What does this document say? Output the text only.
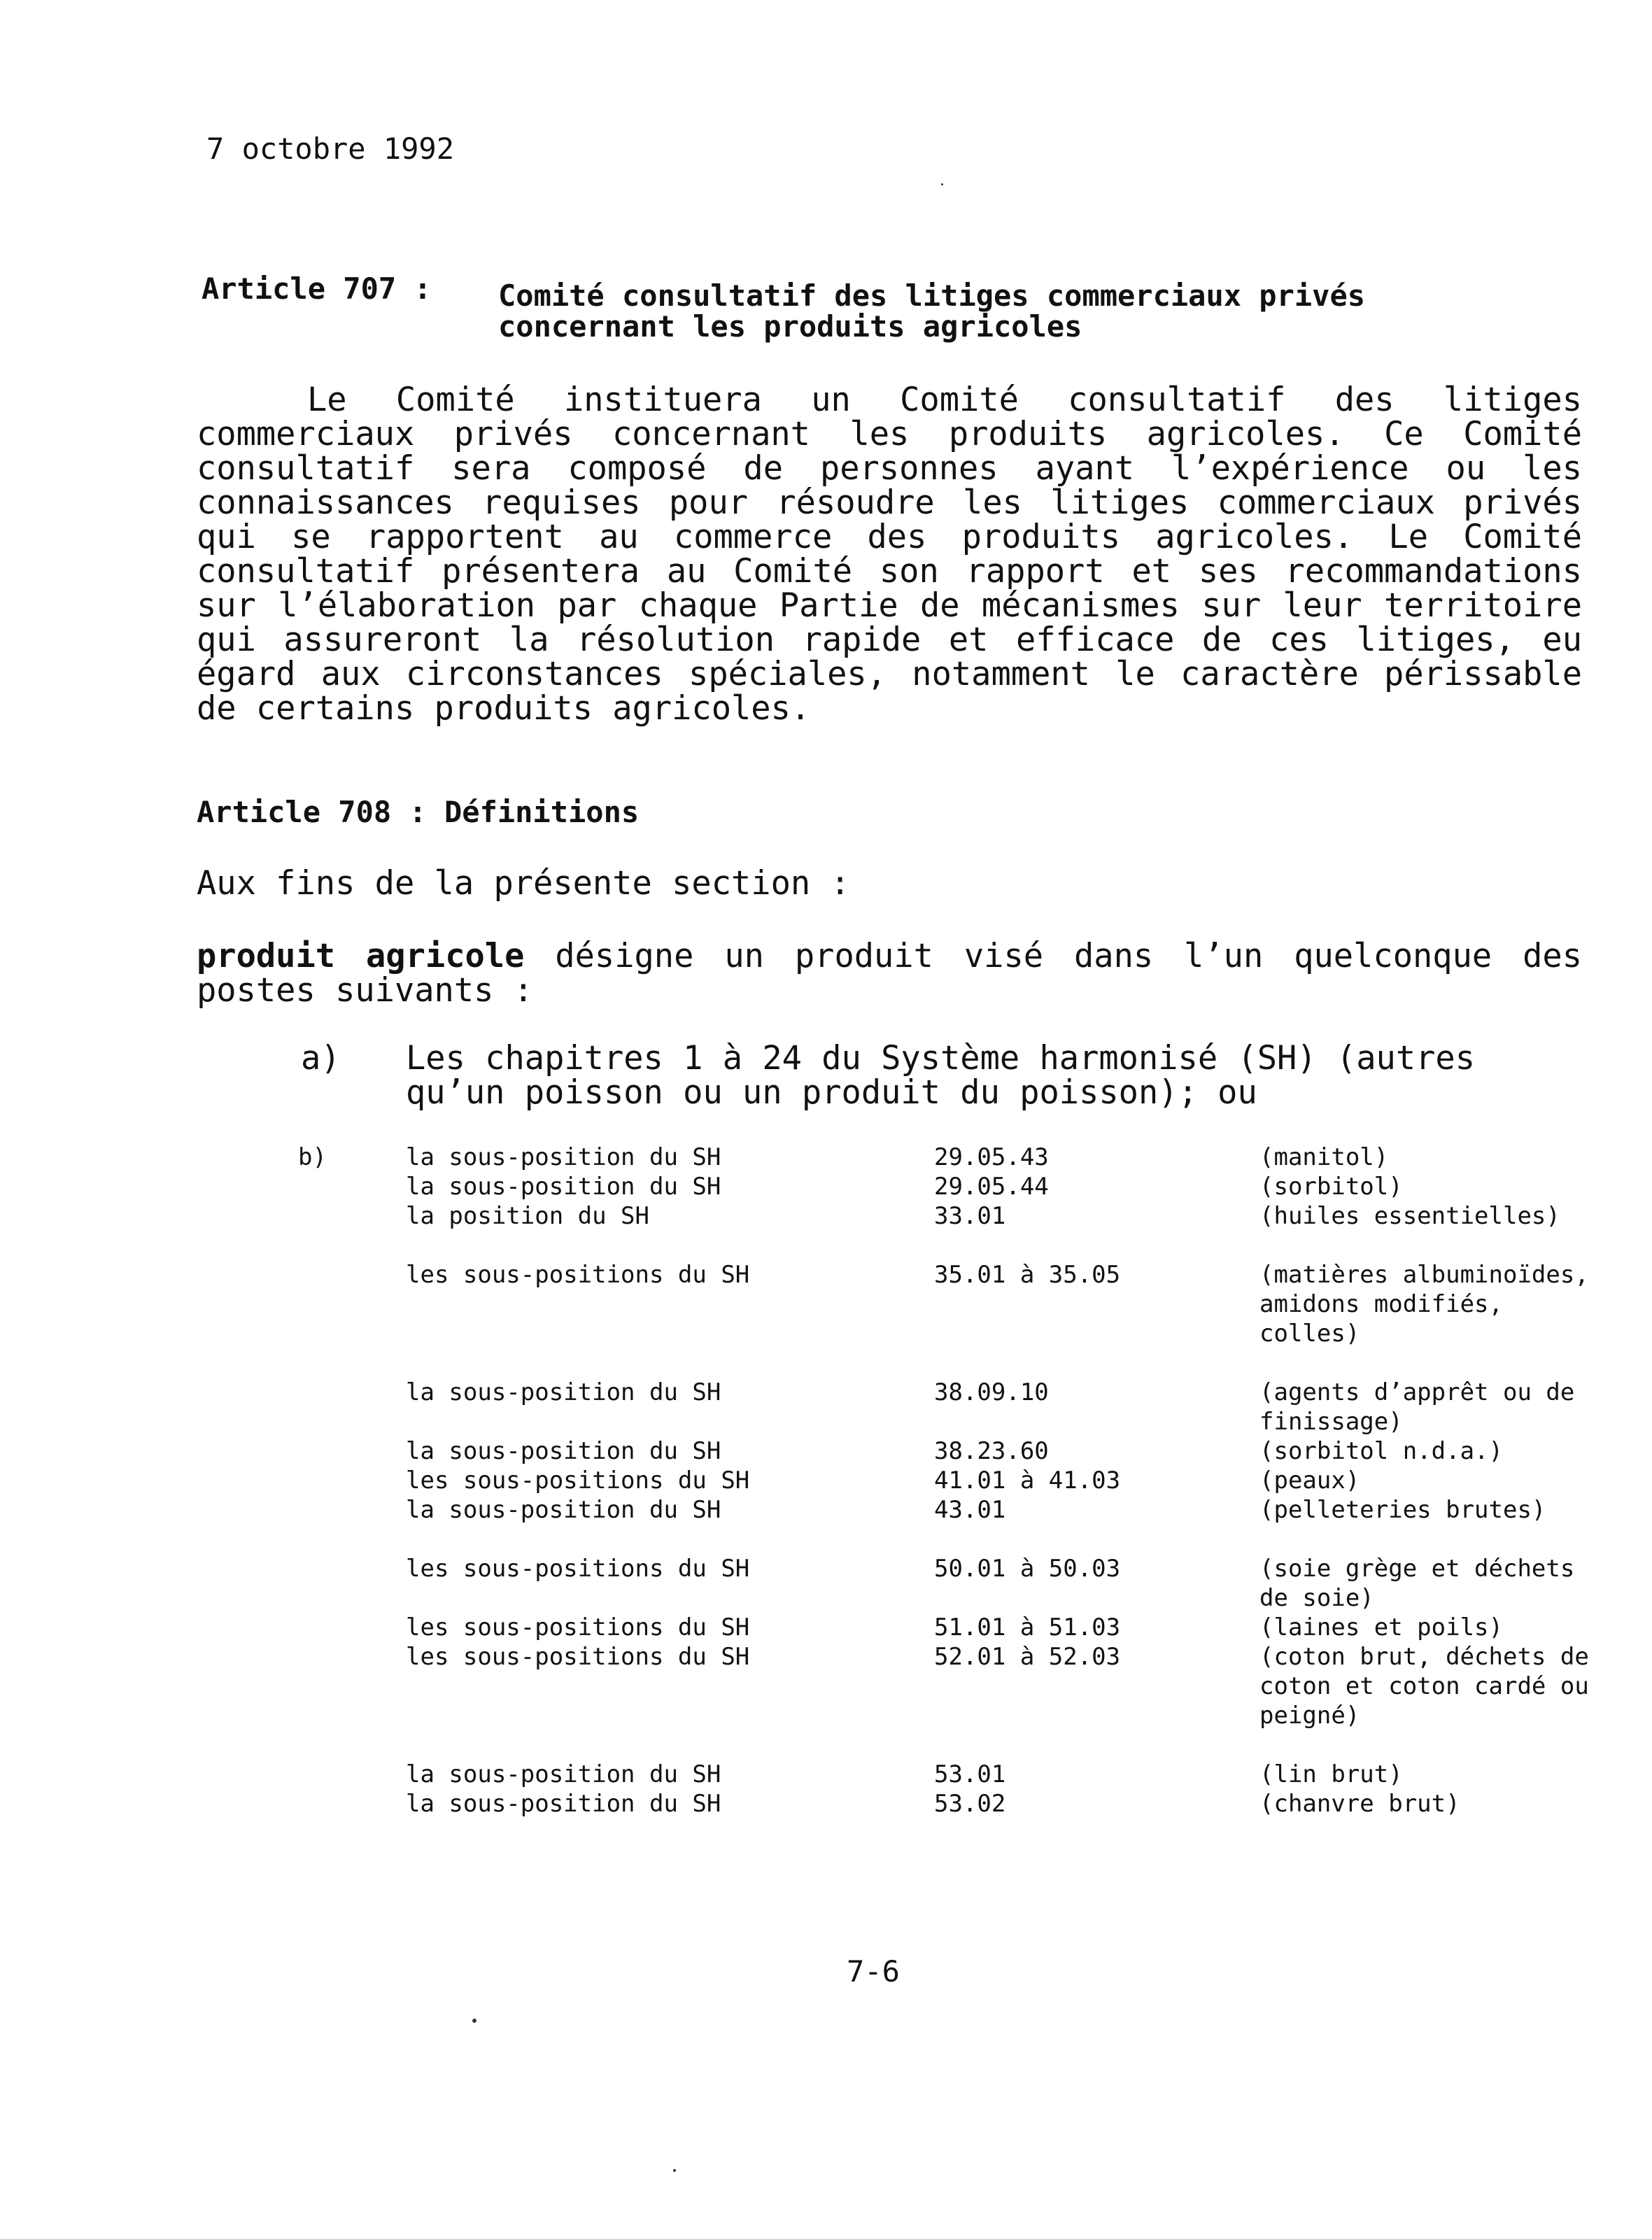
7 octobre 1992
Article 707 : Comité consultatif des litiges commerciaux privés
concernant les produits agricoles
Le Comité instituera un Comité consultatif des litiges commerciaux privés concernant les produits agricoles. Ce Comité consultatif sera composé de personnes ayant l’expérience ou les connaissances requises pour résoudre les litiges commerciaux privés qui se rapportent au commerce des produits agricoles. Le Comité consultatif présentera au Comité son rapport et ses recommandations sur l’élaboration par chaque Partie de mécanismes sur leur territoire qui assureront la résolution rapide et efficace de ces litiges, eu égard aux circonstances spéciales, notamment le caractère périssable de certains produits agricoles.
Article 708 : Définitions
Aux fins de la présente section :
produit agricole désigne un produit visé dans l’un quelconque des postes suivants :
a) Les chapitres 1 à 24 du Système harmonisé (SH) (autres qu’un poisson ou un produit du poisson); ou
b)	la sous-position du SH	29.05.43	(manitol)
la sous-position du SH	29.05.44	(sorbitol)
la position du SH	33.01	(huiles essentielles)
les sous-positions du SH	35.01 à 35.05	(matières albuminoïdes, amidons modifiés, colles)
la sous-position du SH	38.09.10	(agents d’apprêt ou de finissage)
la sous-position du SH	38.23.60	(sorbitol n.d.a.)
les sous-positions du SH	41.01 à 41.03	(peaux)
la sous-position du SH	43.01	(pelleteries brutes)
les sous-positions du SH	50.01 à 50.03	(soie grège et déchets de soie)
les sous-positions du SH	51.01 à 51.03	(laines et poils)
les sous-positions du SH	52.01 à 52.03	(coton brut, déchets de coton et coton cardé ou peigné)
la sous-position du SH	53.01	(lin brut)
la sous-position du SH	53.02	(chanvre brut)
7-6
